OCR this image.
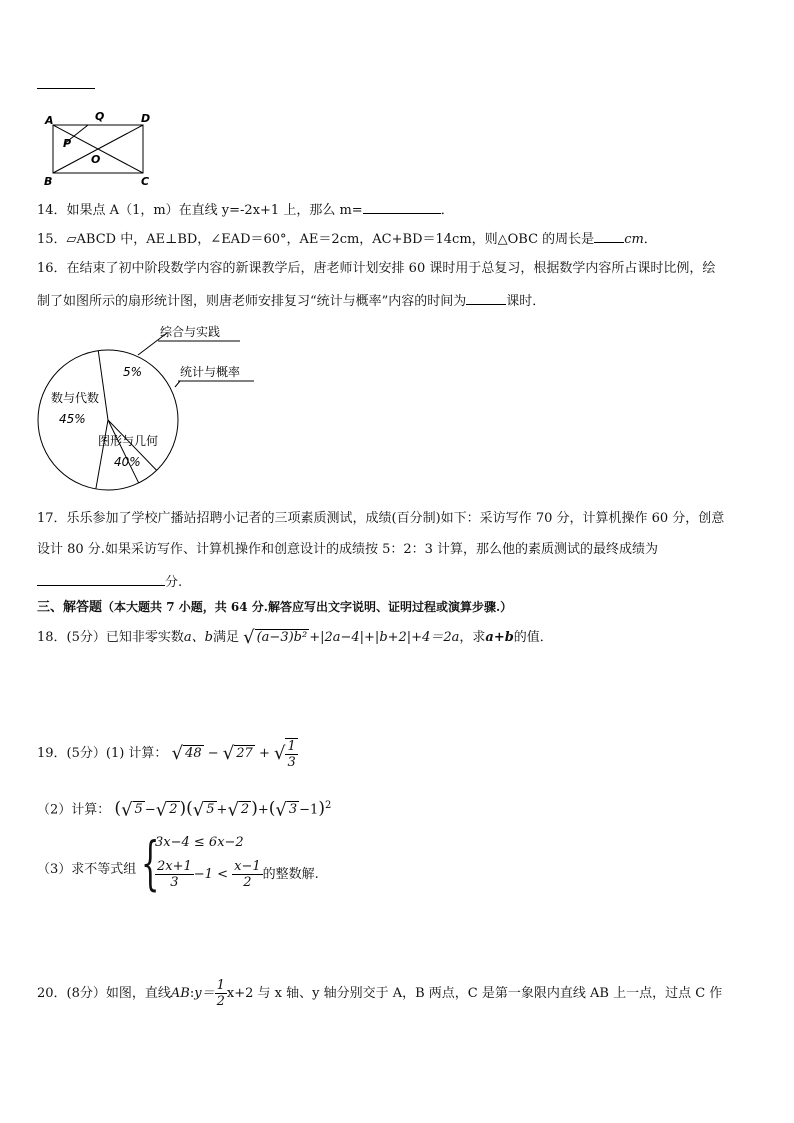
A	Q	D
P
O
B	C
14．如果点 A（1，m）在直线 y=-2x+1 上，那么 m=	．
15．▱ABCD 中，AE⊥BD，∠EAD＝60°，AE＝2cm，AC+BD＝14cm，则△OBC 的周长是 cm．
16．在结束了初中阶段数学内容的新课教学后，唐老师计划安排 60 课时用于总复习，根据数学内容所占课时比例，绘
制了如图所示的扇形统计图，则唐老师安排复习“统计与概率”内容的时间为	课时．
综合与实践
统计与概率
5%
数与代数
45%
图形与几何
40%
17．乐乐参加了学校广播站招聘小记者的三项素质测试，成绩(百分制)如下：采访写作 70 分，计算机操作 60 分，创意
设计 80 分.如果采访写作、计算机操作和创意设计的成绩按 5：2：3 计算，那么他的素质测试的最终成绩为
分.
三、解答题（本大题共 7 小题，共 64 分.解答应写出文字说明、证明过程或演算步骤.）
18．(5分）已知非零实数a、b满足 √ (a−3)b² +|2a−4|+|b+2|+4＝2a，求a+b的值．
19．(5分）(1) 计算： √ 48 − √ 27 + √ $\frac{1}{3}$
（2）计算： (√ 5 −√ 2 )(√ 5 +√ 2 )+(√ 3 −1)$^2$
（3）求不等式组 {
3x−4 ≤ 6x−2
$\frac{2x+1}{3} -1 < \frac{x-1}{2}$ 的整数解.
20．(8分）如图，直线AB:y＝ $\frac{1}{2} x+2$ 与 x 轴、y 轴分别交于 A，B 两点，C 是第一象限内直线 AB 上一点，过点 C 作
